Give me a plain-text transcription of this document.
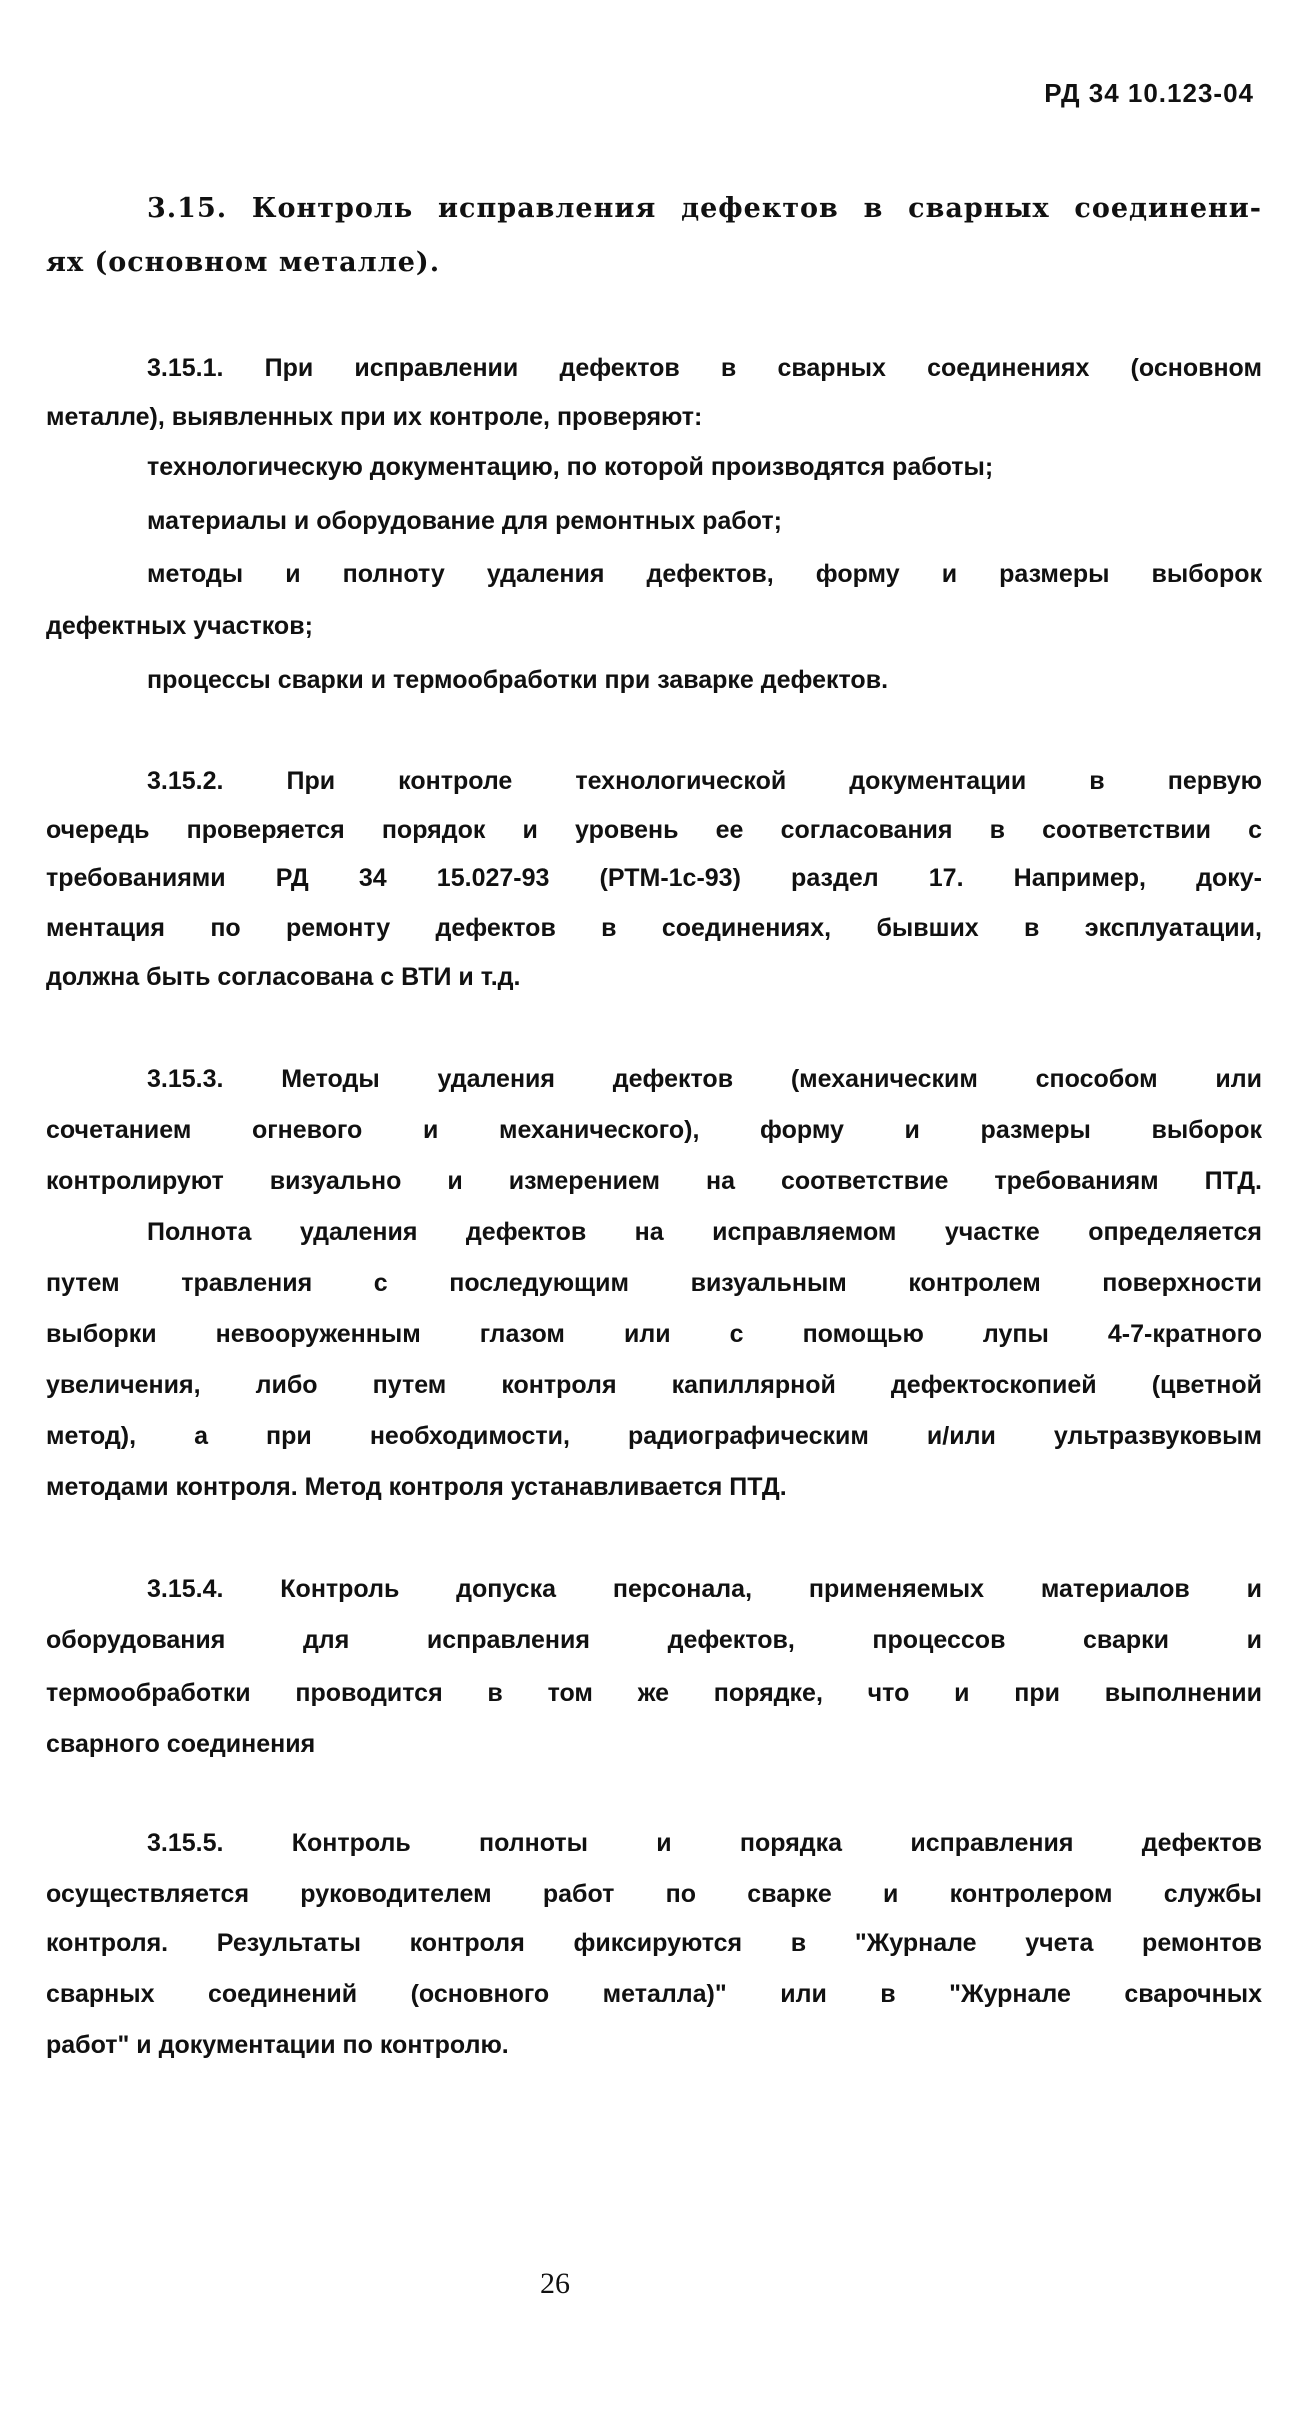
РД 34 10.123-04
3.15. Контроль исправления дефектов в сварных соединени-
ях (основном металле).
3.15.1. При исправлении дефектов в сварных соединениях (основном
металле), выявленных при их контроле, проверяют:
технологическую документацию, по которой производятся работы;
материалы и оборудование для ремонтных работ;
методы и полноту удаления дефектов, форму и размеры выборок
дефектных участков;
процессы сварки и термообработки при заварке дефектов.
3.15.2. При контроле технологической документации в первую
очередь проверяется порядок и уровень ее согласования в соответствии с
требованиями РД 34 15.027-93 (РТМ-1с-93) раздел 17. Например, доку-
ментация по ремонту дефектов в соединениях, бывших в эксплуатации,
должна быть согласована с ВТИ и т.д.
3.15.3. Методы удаления дефектов (механическим способом или
сочетанием огневого и механического), форму и размеры выборок
контролируют визуально и измерением на соответствие требованиям ПТД.
Полнота удаления дефектов на исправляемом участке определяется
путем травления с последующим визуальным контролем поверхности
выборки невооруженным глазом или с помощью лупы 4-7-кратного
увеличения, либо путем контроля капиллярной дефектоскопией (цветной
метод), а при необходимости, радиографическим и/или ультразвуковым
методами контроля. Метод контроля устанавливается ПТД.
3.15.4. Контроль допуска персонала, применяемых материалов и
оборудования для исправления дефектов, процессов сварки и
термообработки проводится в том же порядке, что и при выполнении
сварного соединения
3.15.5. Контроль полноты и порядка исправления дефектов
осуществляется руководителем работ по сварке и контролером службы
контроля. Результаты контроля фиксируются в "Журнале учета ремонтов
сварных соединений (основного металла)" или в "Журнале сварочных
работ" и документации по контролю.
26
